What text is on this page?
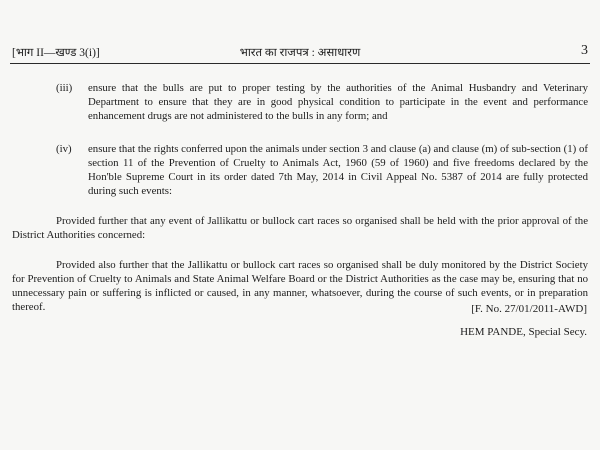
[भाग II—खण्ड 3(i)]	भारत का राजपत्र : असाधारण	3
(iii) ensure that the bulls are put to proper testing by the authorities of the Animal Husbandry and Veterinary Department to ensure that they are in good physical condition to participate in the event and performance enhancement drugs are not administered to the bulls in any form; and
(iv) ensure that the rights conferred upon the animals under section 3 and clause (a) and clause (m) of sub-section (1) of section 11 of the Prevention of Cruelty to Animals Act, 1960 (59 of 1960) and five freedoms declared by the Hon'ble Supreme Court in its order dated 7th May, 2014 in Civil Appeal No. 5387 of 2014 are fully protected during such events:
Provided further that any event of Jallikattu or bullock cart races so organised shall be held with the prior approval of the District Authorities concerned:
Provided also further that the Jallikattu or bullock cart races so organised shall be duly monitored by the District Society for Prevention of Cruelty to Animals and State Animal Welfare Board or the District Authorities as the case may be, ensuring that no unnecessary pain or suffering is inflicted or caused, in any manner, whatsoever, during the course of such events, or in preparation thereof.	[F. No. 27/01/2011-AWD]
HEM PANDE, Special Secy.
